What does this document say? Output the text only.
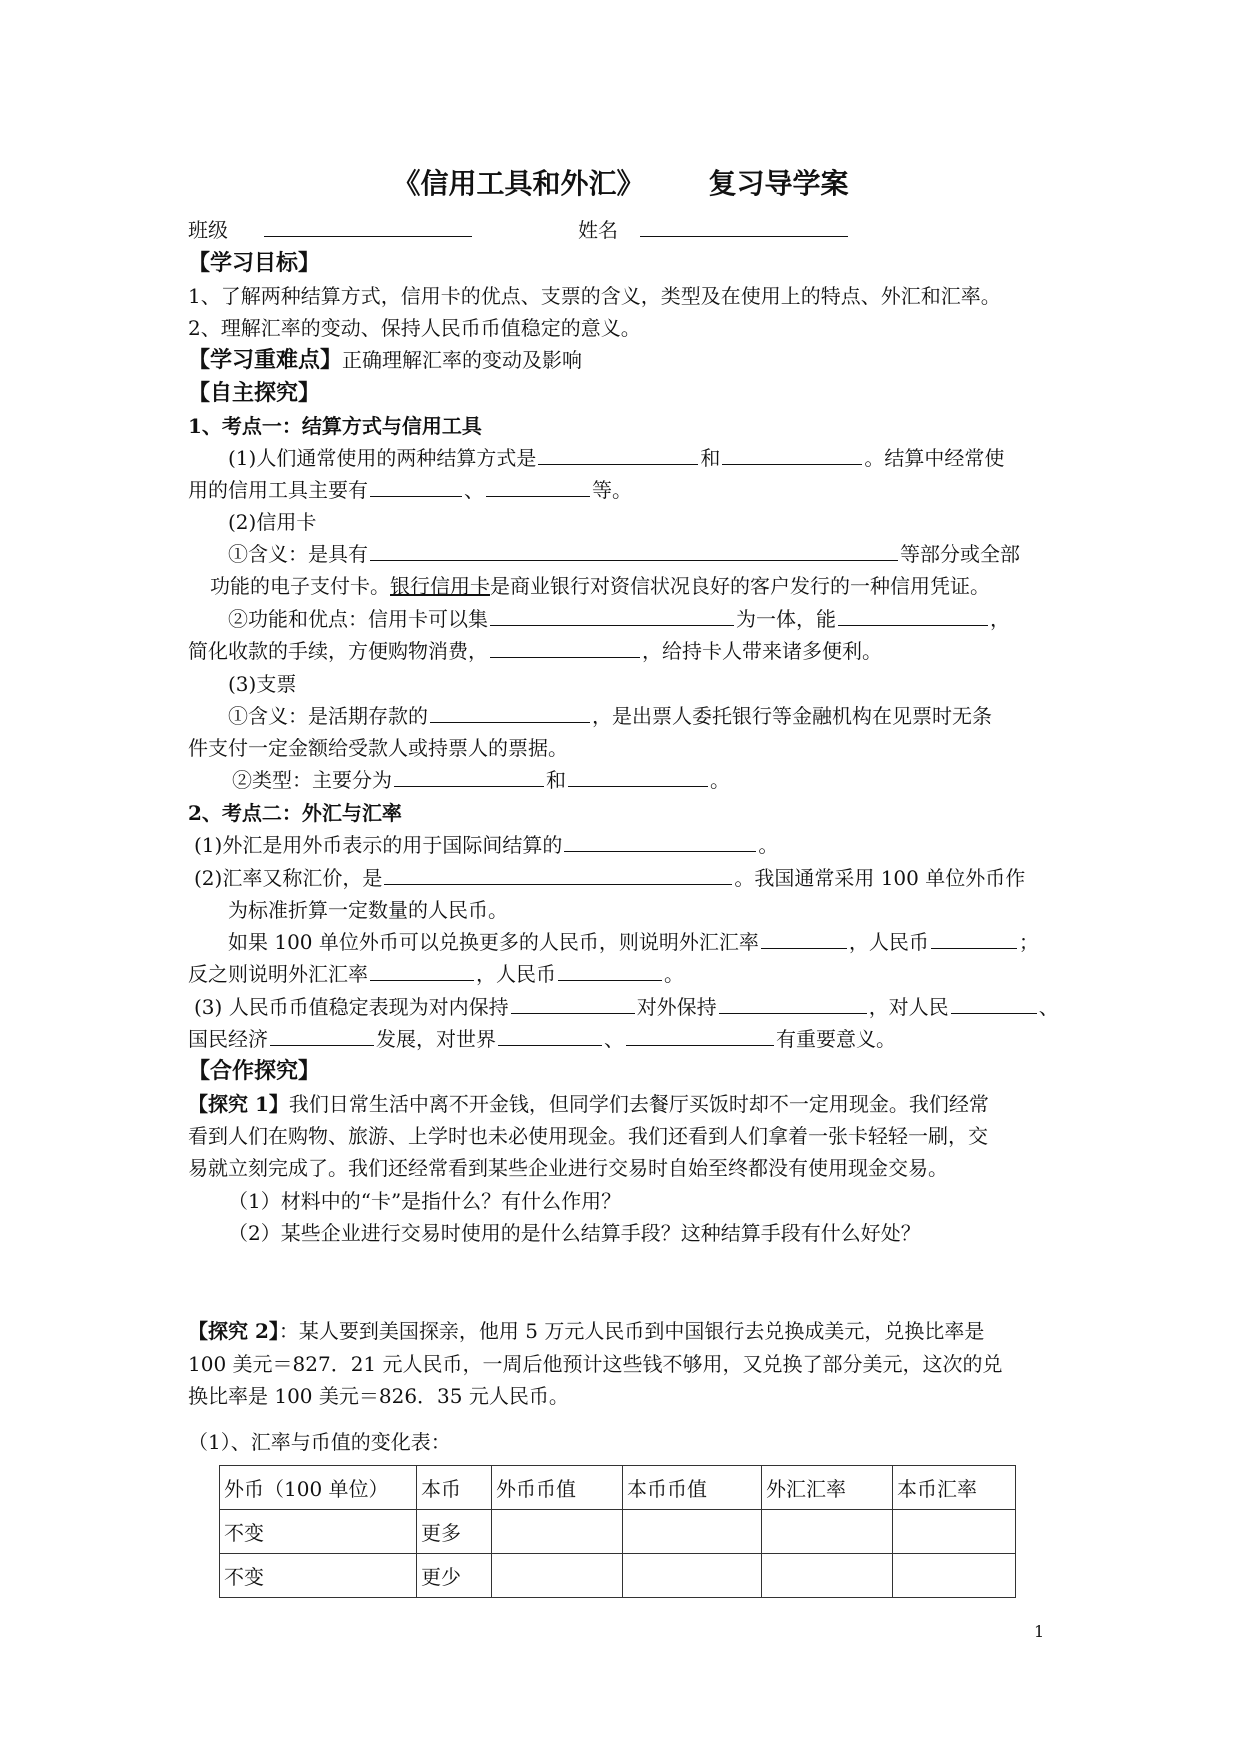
《信用工具和外汇》 复习导学案
班级	姓名
【学习目标】
1、了解两种结算方式，信用卡的优点、支票的含义，类型及在使用上的特点、外汇和汇率。
2、理解汇率的变动、保持人民币币值稳定的意义。
【学习重难点】正确理解汇率的变动及影响
【自主探究】
1、考点一：结算方式与信用工具
(1)人们通常使用的两种结算方式是	和	。结算中经常使
用的信用工具主要有	、	等。
(2)信用卡
①含义：是具有	等部分或全部
功能的电子支付卡。银行信用卡是商业银行对资信状况良好的客户发行的一种信用凭证。
②功能和优点：信用卡可以集	为一体，能	，
简化收款的手续，方便购物消费，	，给持卡人带来诸多便利。
(3)支票
①含义：是活期存款的	，是出票人委托银行等金融机构在见票时无条
件支付一定金额给受款人或持票人的票据。
②类型：主要分为	和	。
2、考点二：外汇与汇率
(1)外汇是用外币表示的用于国际间结算的	。
(2)汇率又称汇价，是	。我国通常采用 100 单位外币作
为标准折算一定数量的人民币。
如果 100 单位外币可以兑换更多的人民币，则说明外汇汇率	，人民币	；
反之则说明外汇汇率	，人民币	。
(3) 人民币币值稳定表现为对内保持	对外保持	，对人民	、
国民经济	发展，对世界	、	有重要意义。
【合作探究】
【探究 1】我们日常生活中离不开金钱，但同学们去餐厅买饭时却不一定用现金。我们经常
看到人们在购物、旅游、上学时也未必使用现金。我们还看到人们拿着一张卡轻轻一刷，交
易就立刻完成了。我们还经常看到某些企业进行交易时自始至终都没有使用现金交易。
（1）材料中的“卡”是指什么？有什么作用？
（2）某些企业进行交易时使用的是什么结算手段？这种结算手段有什么好处？
【探究 2】：某人要到美国探亲，他用 5 万元人民币到中国银行去兑换成美元，兑换比率是
100 美元＝827．21 元人民币，一周后他预计这些钱不够用，又兑换了部分美元，这次的兑
换比率是 100 美元＝826．35 元人民币。
（1）、汇率与币值的变化表：
外币（100 单位）	本币	外币币值	本币币值	外汇汇率	本币汇率
不变	更多				
不变	更少				
1
